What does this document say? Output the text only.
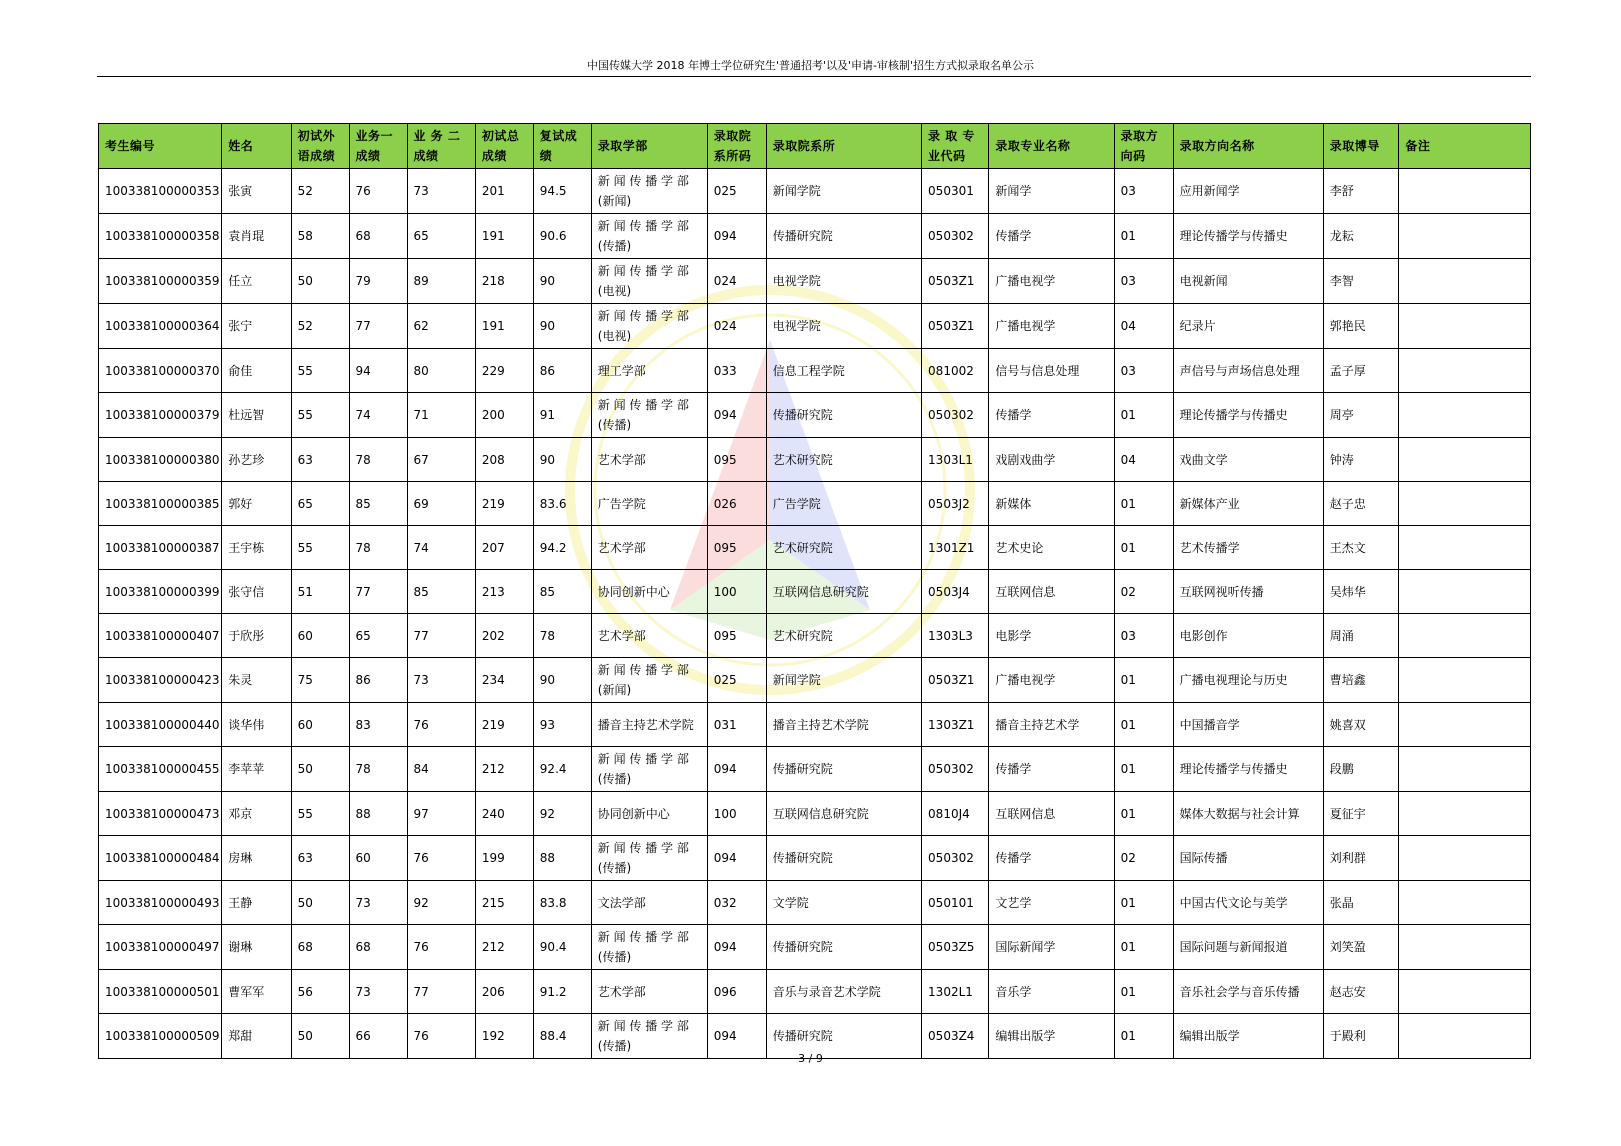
中国传媒大学 2018 年博士学位研究生'普通招考'以及'申请-审核制'招生方式拟录取名单公示
考生编号	姓名	初试外语成绩	业务一成绩	业 务 二成绩	初试总成绩	复试成绩	录取学部	录取院系所码	录取院系所	录 取 专业代码	录取专业名称	录取方向码	录取方向名称	录取博导	备注
100338100000353	张寅	52	76	73	201	94.5	新 闻 传 播 学 部(新闻)	025	新闻学院	050301	新闻学	03	应用新闻学	李舒	
100338100000358	袁肖琨	58	68	65	191	90.6	新 闻 传 播 学 部(传播)	094	传播研究院	050302	传播学	01	理论传播学与传播史	龙耘	
100338100000359	任立	50	79	89	218	90	新 闻 传 播 学 部(电视)	024	电视学院	0503Z1	广播电视学	03	电视新闻	李智	
100338100000364	张宁	52	77	62	191	90	新 闻 传 播 学 部(电视)	024	电视学院	0503Z1	广播电视学	04	纪录片	郭艳民	
100338100000370	俞佳	55	94	80	229	86	理工学部	033	信息工程学院	081002	信号与信息处理	03	声信号与声场信息处理	孟子厚	
100338100000379	杜远智	55	74	71	200	91	新 闻 传 播 学 部(传播)	094	传播研究院	050302	传播学	01	理论传播学与传播史	周亭	
100338100000380	孙艺珍	63	78	67	208	90	艺术学部	095	艺术研究院	1303L1	戏剧戏曲学	04	戏曲文学	钟涛	
100338100000385	郭好	65	85	69	219	83.6	广告学院	026	广告学院	0503J2	新媒体	01	新媒体产业	赵子忠	
100338100000387	王宇栋	55	78	74	207	94.2	艺术学部	095	艺术研究院	1301Z1	艺术史论	01	艺术传播学	王杰文	
100338100000399	张守信	51	77	85	213	85	协同创新中心	100	互联网信息研究院	0503J4	互联网信息	02	互联网视听传播	吴炜华	
100338100000407	于欣彤	60	65	77	202	78	艺术学部	095	艺术研究院	1303L3	电影学	03	电影创作	周涌	
100338100000423	朱灵	75	86	73	234	90	新 闻 传 播 学 部(新闻)	025	新闻学院	0503Z1	广播电视学	01	广播电视理论与历史	曹培鑫	
100338100000440	谈华伟	60	83	76	219	93	播音主持艺术学院	031	播音主持艺术学院	1303Z1	播音主持艺术学	01	中国播音学	姚喜双	
100338100000455	李苹苹	50	78	84	212	92.4	新 闻 传 播 学 部(传播)	094	传播研究院	050302	传播学	01	理论传播学与传播史	段鹏	
100338100000473	邓京	55	88	97	240	92	协同创新中心	100	互联网信息研究院	0810J4	互联网信息	01	媒体大数据与社会计算	夏征宇	
100338100000484	房琳	63	60	76	199	88	新 闻 传 播 学 部(传播)	094	传播研究院	050302	传播学	02	国际传播	刘利群	
100338100000493	王静	50	73	92	215	83.8	文法学部	032	文学院	050101	文艺学	01	中国古代文论与美学	张晶	
100338100000497	谢琳	68	68	76	212	90.4	新 闻 传 播 学 部(传播)	094	传播研究院	0503Z5	国际新闻学	01	国际问题与新闻报道	刘笑盈	
100338100000501	曹军军	56	73	77	206	91.2	艺术学部	096	音乐与录音艺术学院	1302L1	音乐学	01	音乐社会学与音乐传播	赵志安	
100338100000509	郑甜	50	66	76	192	88.4	新 闻 传 播 学 部(传播)	094	传播研究院	0503Z4	编辑出版学	01	编辑出版学	于殿利	
3 / 9
